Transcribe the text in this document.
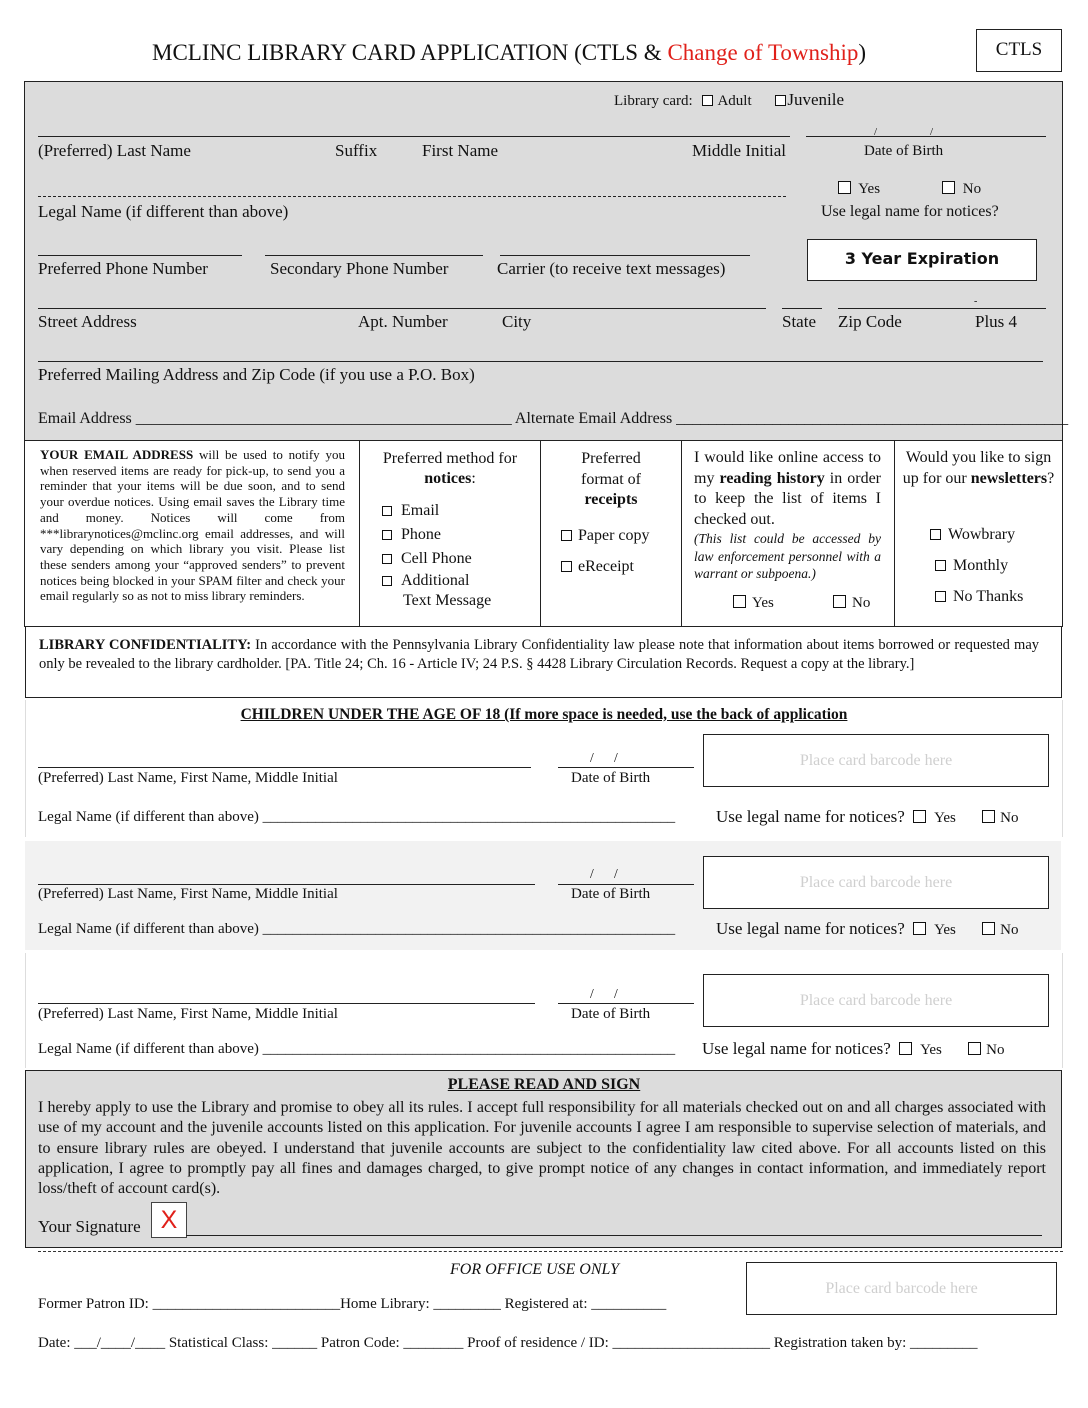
MCLINC LIBRARY CARD APPLICATION (CTLS & Change of Township)	CTLS
Library card: Adult Juvenile
/	/
(Preferred) Last Name	Suffix	First Name	Middle Initial	Date of Birth
Legal Name (if different than above)
Yes	No
Use legal name for notices?
Preferred Phone Number	Secondary Phone Number	Carrier (to receive text messages)
3 Year Expiration
-
Street Address	Apt. Number	City	State Zip Code	Plus 4
Preferred Mailing Address and Zip Code (if you use a P.O. Box)
Email Address _______________________________________________ Alternate Email Address _________________________________________________
YOUR EMAIL ADDRESS will be used to notify you when reserved items are ready for pick-up, to send you a reminder that your items will be due soon, and to send your overdue notices. Using email saves the Library time and money. Notices will come from ***librarynotices@mclinc.org email addresses, and will vary depending on which library you visit. Please list these senders among your “approved senders” to prevent notices being blocked in your SPAM filter and check your email regularly so as not to miss library reminders.
Preferred method for
notices:
Email
Phone
Cell Phone
Additional
Text Message
Preferred
format of
receipts
Paper copy
eReceipt
I would like online access to my reading history in order to keep the list of items I checked out.
(This list could be accessed by law enforcement personnel with a warrant or subpoena.)
Yes	No
Would you like to sign up for our newsletters?
Wowbrary
Monthly
No Thanks
LIBRARY CONFIDENTIALITY: In accordance with the Pennsylvania Library Confidentiality law please note that information about items borrowed or requested may only be revealed to the library cardholder. [PA. Title 24; Ch. 16 - Article IV; 24 P.S. § 4428 Library Circulation Records. Request a copy at the library.]
CHILDREN UNDER THE AGE OF 18 (If more space is needed, use the back of application
/      /
(Preferred) Last Name, First Name, Middle Initial	Date of Birth
Place card barcode here
Legal Name (if different than above) _______________________________________________________ Use legal name for notices? Yes	No
/      /
(Preferred) Last Name, First Name, Middle Initial	Date of Birth
Place card barcode here
Legal Name (if different than above) _______________________________________________________ Use legal name for notices? Yes	No
/      /
(Preferred) Last Name, First Name, Middle Initial	Date of Birth
Place card barcode here
Legal Name (if different than above) _______________________________________________________ Use legal name for notices? Yes	No
PLEASE READ AND SIGN
I hereby apply to use the Library and promise to obey all its rules. I accept full responsibility for all materials checked out on and all charges associated with use of my account and the juvenile accounts listed on this application. For juvenile accounts I agree I am responsible to supervise selection of materials, and to ensure library rules are obeyed. I understand that juvenile accounts are subject to the confidentiality law cited above. For all accounts listed on this application, I agree to promptly pay all fines and damages charged, to give prompt notice of any changes in contact information, and immediately report loss/theft of account card(s).
Your Signature X
FOR OFFICE USE ONLY
Place card barcode here
Former Patron ID: _________________________Home Library: _________ Registered at: __________
Date: ___/____/____ Statistical Class: ______ Patron Code: ________ Proof of residence / ID: _____________________ Registration taken by: _________
